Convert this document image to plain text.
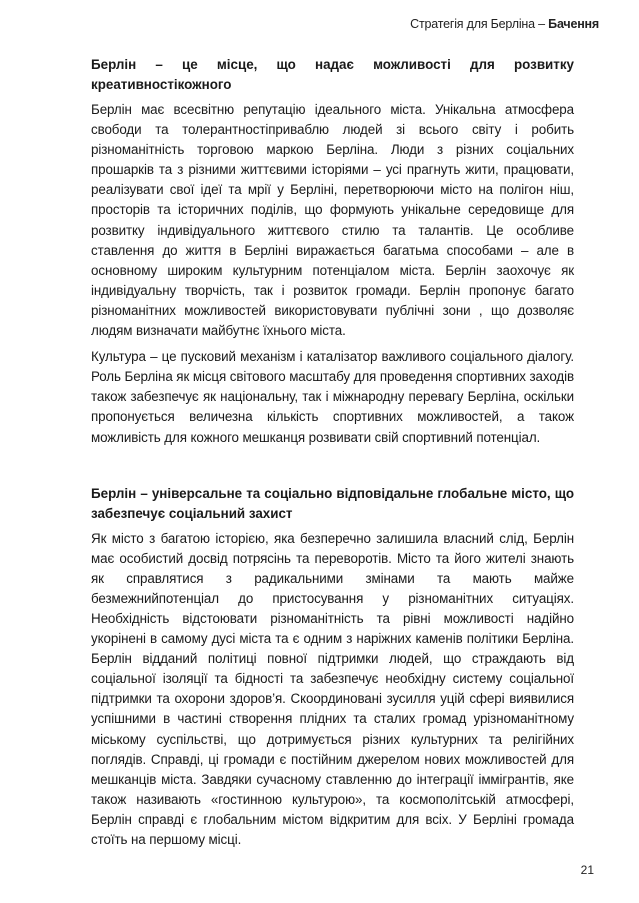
Стратегія для Берліна – Бачення
Берлін – це місце, що надає можливості для розвитку креативностікожного

Берлін має всесвітню репутацію ідеального міста. Унікальна атмосфера свободи та толерантностіприваблю людей зі всього світу і робить різноманітність торговою маркою Берліна. Люди з різних соціальних прошарків та з різними життєвими історіями – усі прагнуть жити, працювати, реалізувати свої ідеї та мрії у Берліні, перетворюючи місто на полігон ніш, просторів та історичних поділів, що формують унікальне середовище для розвитку індивідуального життєвого стилю та талантів. Це особливе ставлення до життя в Берліні виражається багатьма способами – але в основному широким культурним потенціалом міста. Берлін заохочує як індивідуальну творчість, так і розвиток громади. Берлін пропонує багато різноманітних можливостей використовувати публічні зони , що дозволяє людям визначати майбутнє їхнього міста.

Культура – це пусковий механізм і каталізатор важливого соціального діалогу. Роль Берліна як місця світового масштабу для проведення спортивних заходів також забезпечує як національну, так і міжнародну перевагу Берліна, оскільки пропонується величезна кількість спортивних можливостей, а також можливість для кожного мешканця розвивати свій спортивний потенціал.

Берлін – універсальне та соціально відповідальне глобальне місто, що забезпечує соціальний захист

Як місто з багатою історією, яка безперечно залишила власний слід, Берлін має особистий досвід потрясінь та переворотів. Місто та його жителі знають як справлятися з радикальними змінами та мають майже безмежнийпотенціал до пристосування у різноманітних ситуаціях. Необхідність відстоювати різноманітність та рівні можливості надійно укорінені в самому дусі міста та є одним з наріжних каменів політики Берліна. Берлін відданий політиці повної підтримки людей, що страждають від соціальної ізоляції та бідності та забезпечує необхідну систему соціальної підтримки та охорони здоров’я. Скоординовані зусилля уцій сфері виявилися успішними в частині створення плідних та сталих громад урізноманітному міському суспільстві, що дотримується різних культурних та релігійних поглядів. Справді, ці громади є постійним джерелом нових можливостей для мешканців міста. Завдяки сучасному ставленню до інтеграції іммігрантів, яке також називають «гостинною культурою», та космополітській атмосфері, Берлін справді є глобальним містом відкритим для всіх. У Берліні громада стоїть на першому місці.

21
